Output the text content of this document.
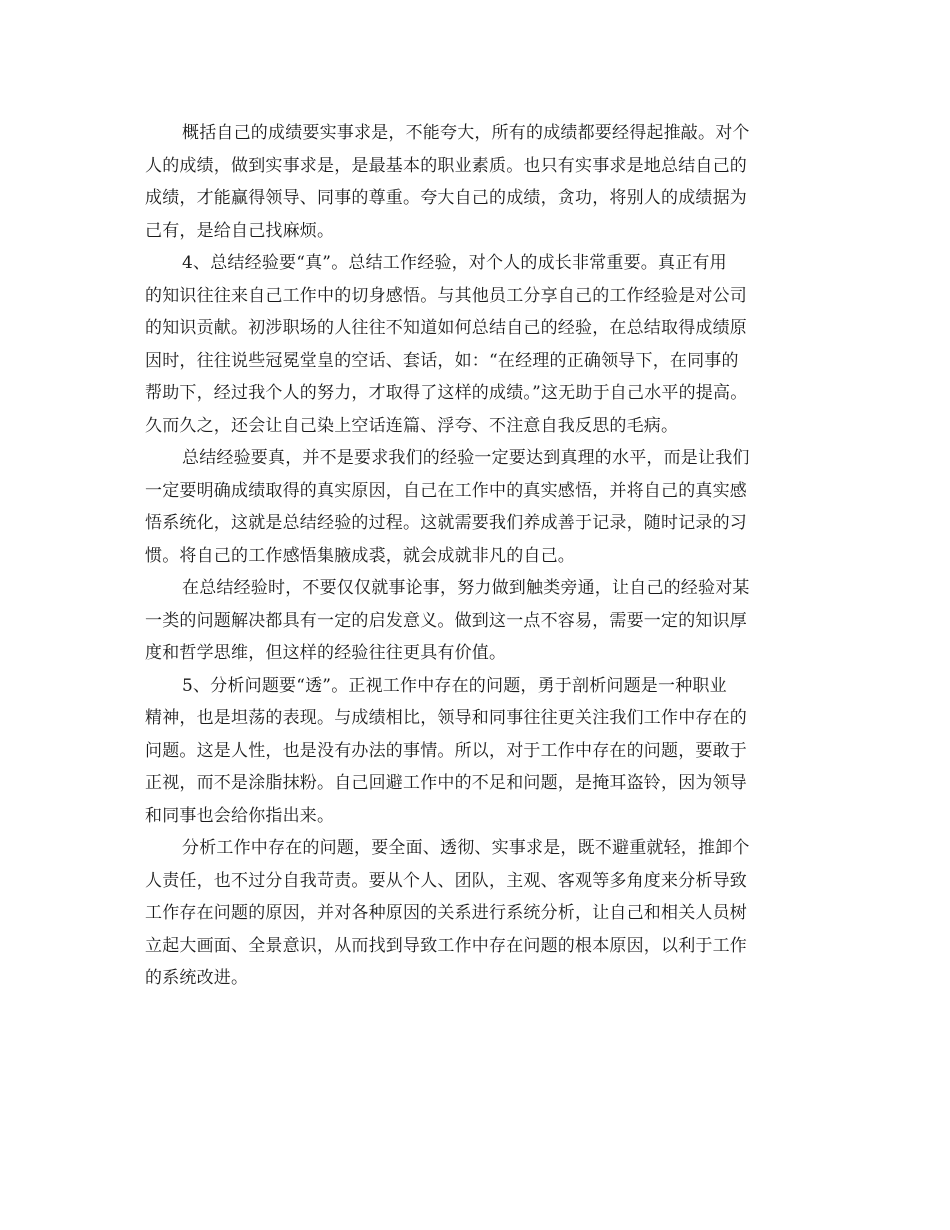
概括自己的成绩要实事求是，不能夸大，所有的成绩都要经得起推敲。对个
人的成绩，做到实事求是，是最基本的职业素质。也只有实事求是地总结自己的
成绩，才能赢得领导、同事的尊重。夸大自己的成绩，贪功，将别人的成绩据为
己有，是给自己找麻烦。
4、总结经验要“真”。总结工作经验，对个人的成长非常重要。真正有用
的知识往往来自己工作中的切身感悟。与其他员工分享自己的工作经验是对公司
的知识贡献。初涉职场的人往往不知道如何总结自己的经验，在总结取得成绩原
因时，往往说些冠冕堂皇的空话、套话，如：“在经理的正确领导下，在同事的
帮助下，经过我个人的努力，才取得了这样的成绩。”这无助于自己水平的提高。
久而久之，还会让自己染上空话连篇、浮夸、不注意自我反思的毛病。
总结经验要真，并不是要求我们的经验一定要达到真理的水平，而是让我们
一定要明确成绩取得的真实原因，自己在工作中的真实感悟，并将自己的真实感
悟系统化，这就是总结经验的过程。这就需要我们养成善于记录，随时记录的习
惯。将自己的工作感悟集腋成裘，就会成就非凡的自己。
在总结经验时，不要仅仅就事论事，努力做到触类旁通，让自己的经验对某
一类的问题解决都具有一定的启发意义。做到这一点不容易，需要一定的知识厚
度和哲学思维，但这样的经验往往更具有价值。
5、分析问题要“透”。正视工作中存在的问题，勇于剖析问题是一种职业
精神，也是坦荡的表现。与成绩相比，领导和同事往往更关注我们工作中存在的
问题。这是人性，也是没有办法的事情。所以，对于工作中存在的问题，要敢于
正视，而不是涂脂抹粉。自己回避工作中的不足和问题，是掩耳盗铃，因为领导
和同事也会给你指出来。
分析工作中存在的问题，要全面、透彻、实事求是，既不避重就轻，推卸个
人责任，也不过分自我苛责。要从个人、团队，主观、客观等多角度来分析导致
工作存在问题的原因，并对各种原因的关系进行系统分析，让自己和相关人员树
立起大画面、全景意识，从而找到导致工作中存在问题的根本原因，以利于工作
的系统改进。
